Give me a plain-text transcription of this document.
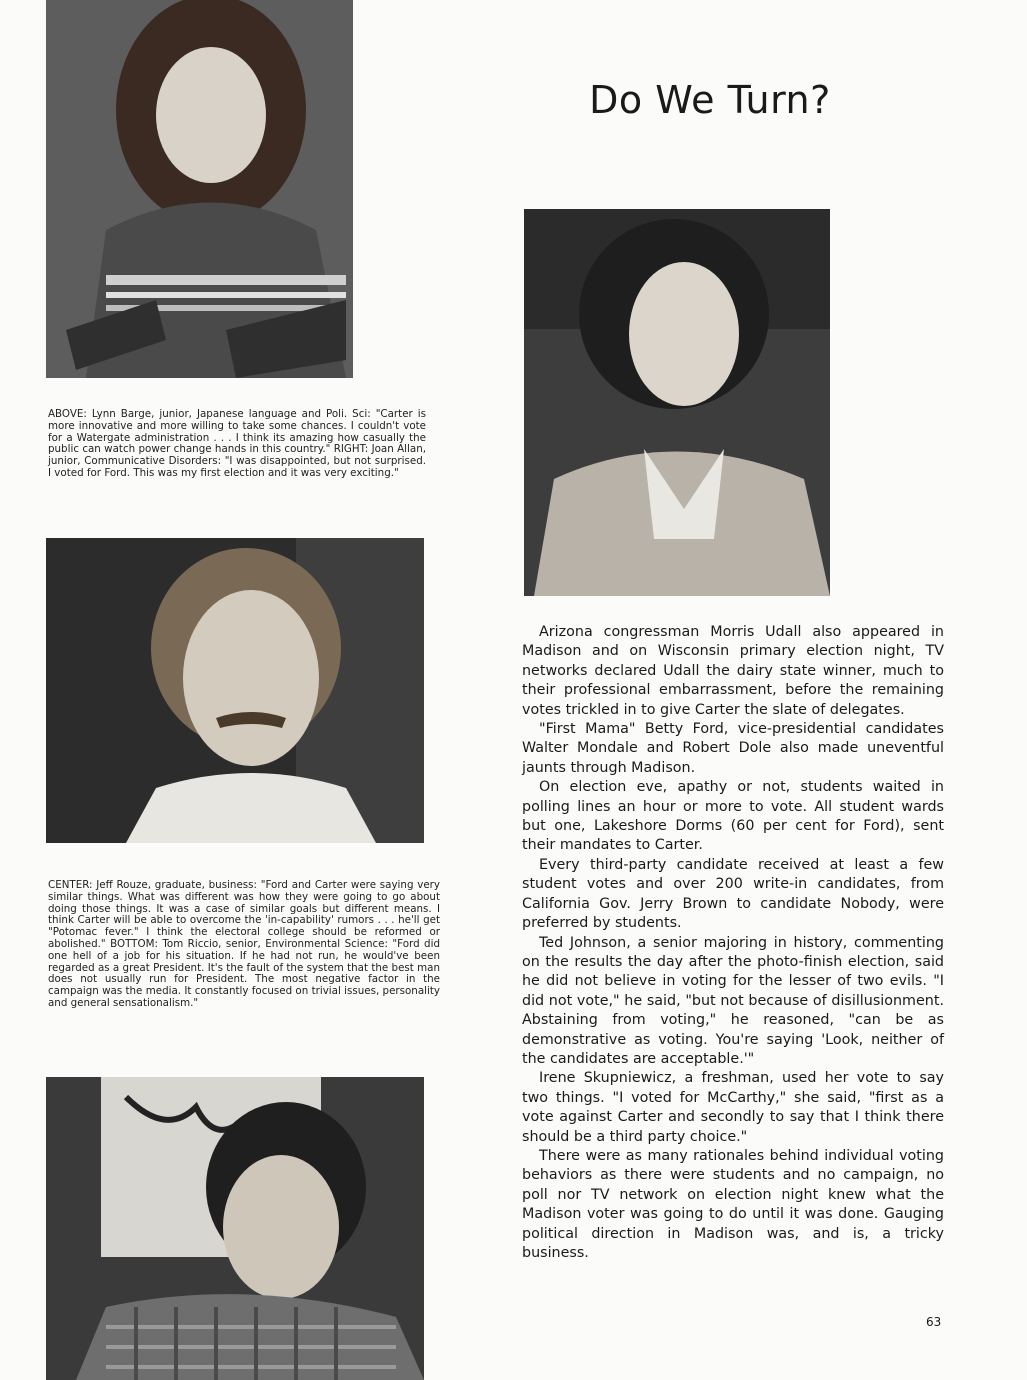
Do We Turn?
ABOVE: Lynn Barge, junior, Japanese language and Poli. Sci: "Carter is more innovative and more willing to take some chances. I couldn't vote for a Watergate administration . . . I think its amazing how casually the public can watch power change hands in this country." RIGHT: Joan Allan, junior, Communicative Disorders: "I was disappointed, but not surprised. I voted for Ford. This was my first election and it was very exciting."
CENTER: Jeff Rouze, graduate, business: "Ford and Carter were saying very similar things. What was different was how they were going to go about doing those things. It was a case of similar goals but different means. I think Carter will be able to overcome the 'in-capability' rumors . . . he'll get "Potomac fever." I think the electoral college should be reformed or abolished." BOTTOM: Tom Riccio, senior, Environmental Science: "Ford did one hell of a job for his situation. If he had not run, he would've been regarded as a great President. It's the fault of the system that the best man does not usually run for President. The most negative factor in the campaign was the media. It constantly focused on trivial issues, personality and general sensationalism."

Arizona congressman Morris Udall also appeared in Madison and on Wisconsin primary election night, TV networks declared Udall the dairy state winner, much to their professional embarrassment, before the remaining votes trickled in to give Carter the slate of delegates.

"First Mama" Betty Ford, vice-presidential candidates Walter Mondale and Robert Dole also made uneventful jaunts through Madison.

On election eve, apathy or not, students waited in polling lines an hour or more to vote. All student wards but one, Lakeshore Dorms (60 per cent for Ford), sent their mandates to Carter.

Every third-party candidate received at least a few student votes and over 200 write-in candidates, from California Gov. Jerry Brown to candidate Nobody, were preferred by students.

Ted Johnson, a senior majoring in history, commenting on the results the day after the photo-finish election, said he did not believe in voting for the lesser of two evils. "I did not vote," he said, "but not because of disillusionment. Abstaining from voting," he reasoned, "can be as demonstrative as voting. You're saying 'Look, neither of the candidates are acceptable.'"

Irene Skupniewicz, a freshman, used her vote to say two things. "I voted for McCarthy," she said, "first as a vote against Carter and secondly to say that I think there should be a third party choice."

There were as many rationales behind individual voting behaviors as there were students and no campaign, no poll nor TV network on election night knew what the Madison voter was going to do until it was done. Gauging political direction in Madison was, and is, a tricky business.

63
